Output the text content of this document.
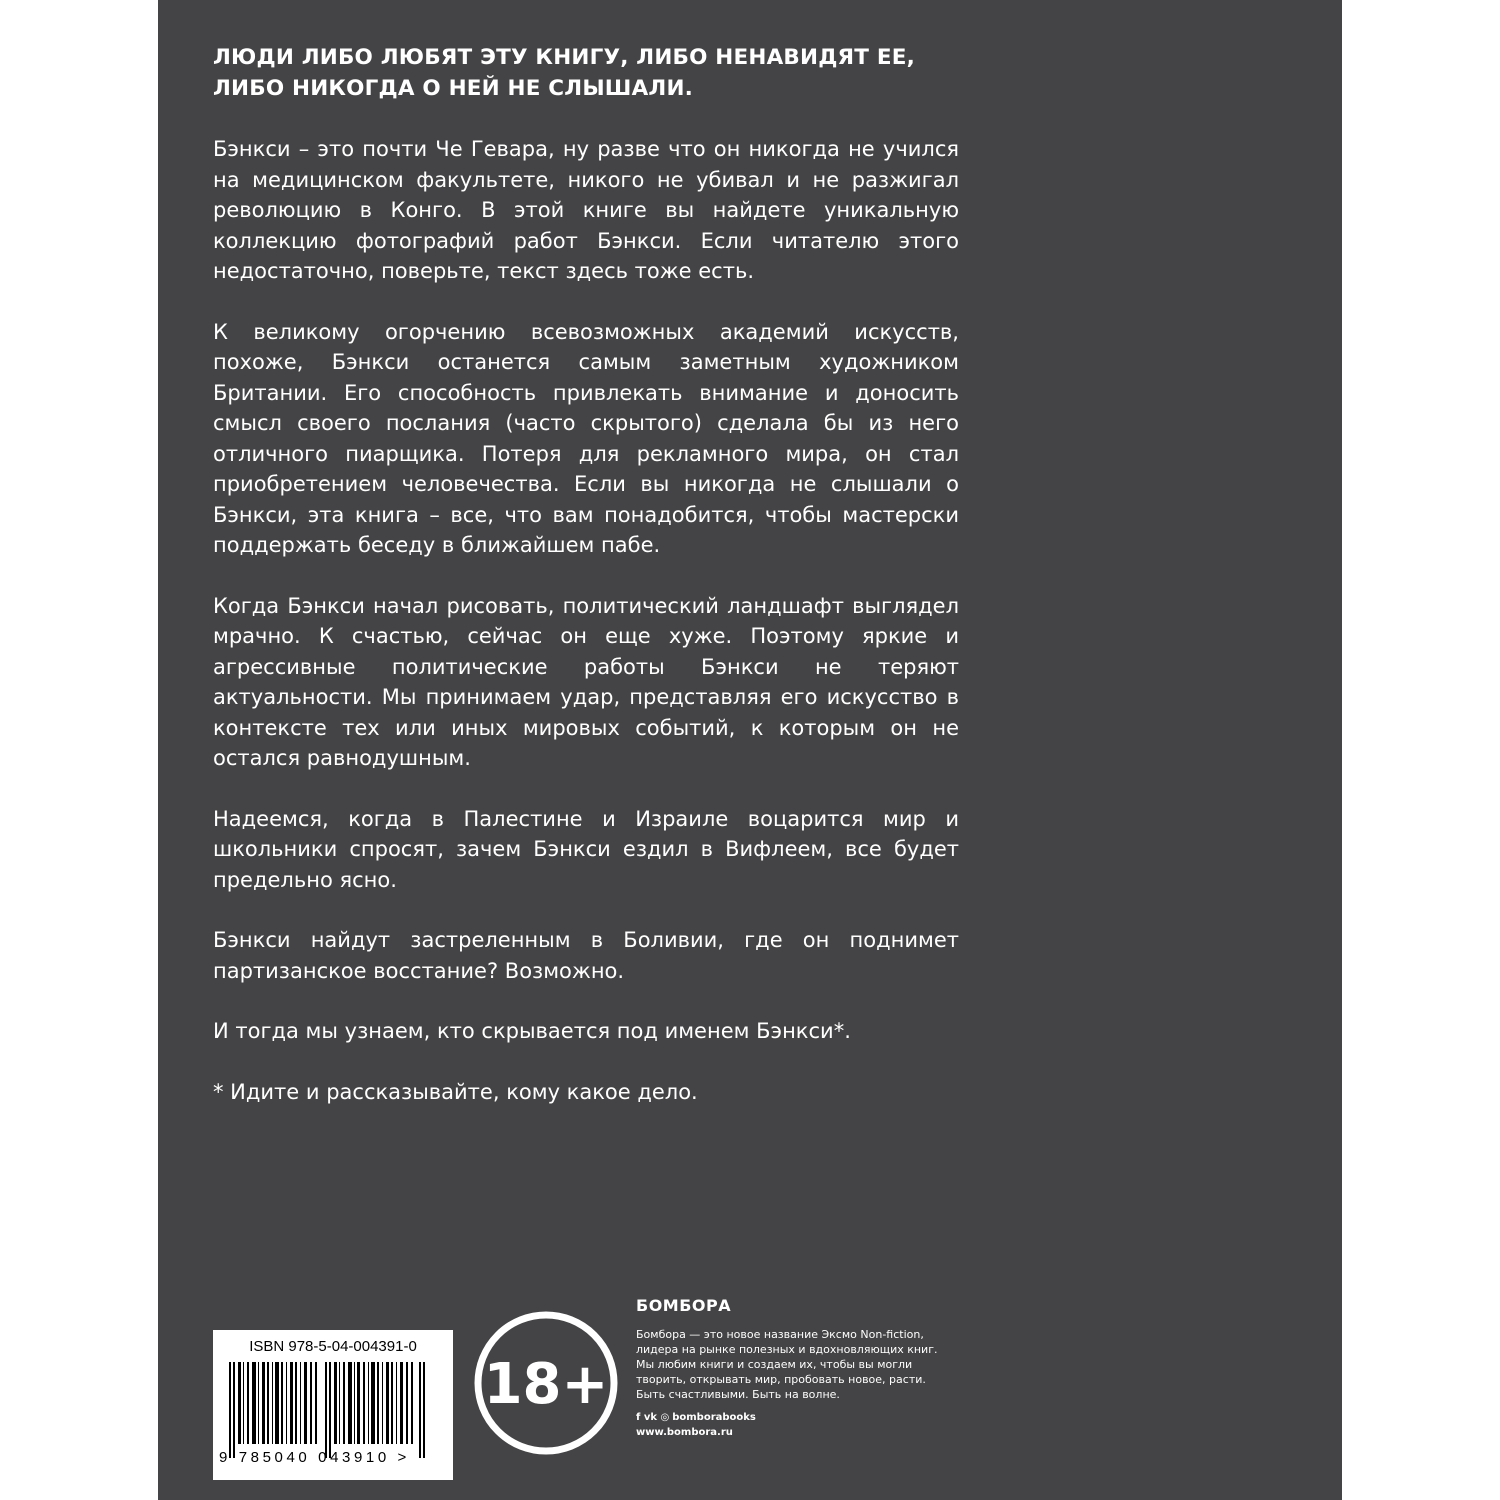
ЛЮДИ ЛИБО ЛЮБЯТ ЭТУ КНИГУ, ЛИБО НЕНАВИДЯТ ЕЕ,
ЛИБО НИКОГДА О НЕЙ НЕ СЛЫШАЛИ.

Бэнкси – это почти Че Гевара, ну разве что он никогда не учился на медицинском факультете, никого не убивал и не разжигал революцию в Конго. В этой книге вы найдете уникальную коллекцию фотографий работ Бэнкси. Если читателю этого недостаточно, поверьте, текст здесь тоже есть.

К великому огорчению всевозможных академий искусств, похоже, Бэнкси останется самым заметным художником Британии. Его способность привлекать внимание и доносить смысл своего послания (часто скрытого) сделала бы из него отличного пиарщика. Потеря для рекламного мира, он стал приобретением человечества. Если вы никогда не слышали о Бэнкси, эта книга – все, что вам понадобится, чтобы мастерски поддержать беседу в ближайшем пабе.

Когда Бэнкси начал рисовать, политический ландшафт выглядел мрачно. К счастью, сейчас он еще хуже. Поэтому яркие и агрессивные политические работы Бэнкси не теряют актуальности. Мы принимаем удар, представляя его искусство в контексте тех или иных мировых событий, к которым он не остался равнодушным.

Надеемся, когда в Палестине и Израиле воцарится мир и школьники спросят, зачем Бэнкси ездил в Вифлеем, все будет предельно ясно.

Бэнкси найдут застреленным в Боливии, где он поднимет партизанское восстание? Возможно.

И тогда мы узнаем, кто скрывается под именем Бэнкси*.

* Идите и рассказывайте, кому какое дело.

ISBN 978-5-04-004391-0
9 785040 043910 >
18+
БОМБОРА
Бомбора — это новое название Эксмо Non-fiction,
лидера на рынке полезных и вдохновляющих книг.
Мы любим книги и создаем их, чтобы вы могли
творить, открывать мир, пробовать новое, расти.
Быть счастливыми. Быть на волне.
f vk ◎ bomborabooks
www.bombora.ru
